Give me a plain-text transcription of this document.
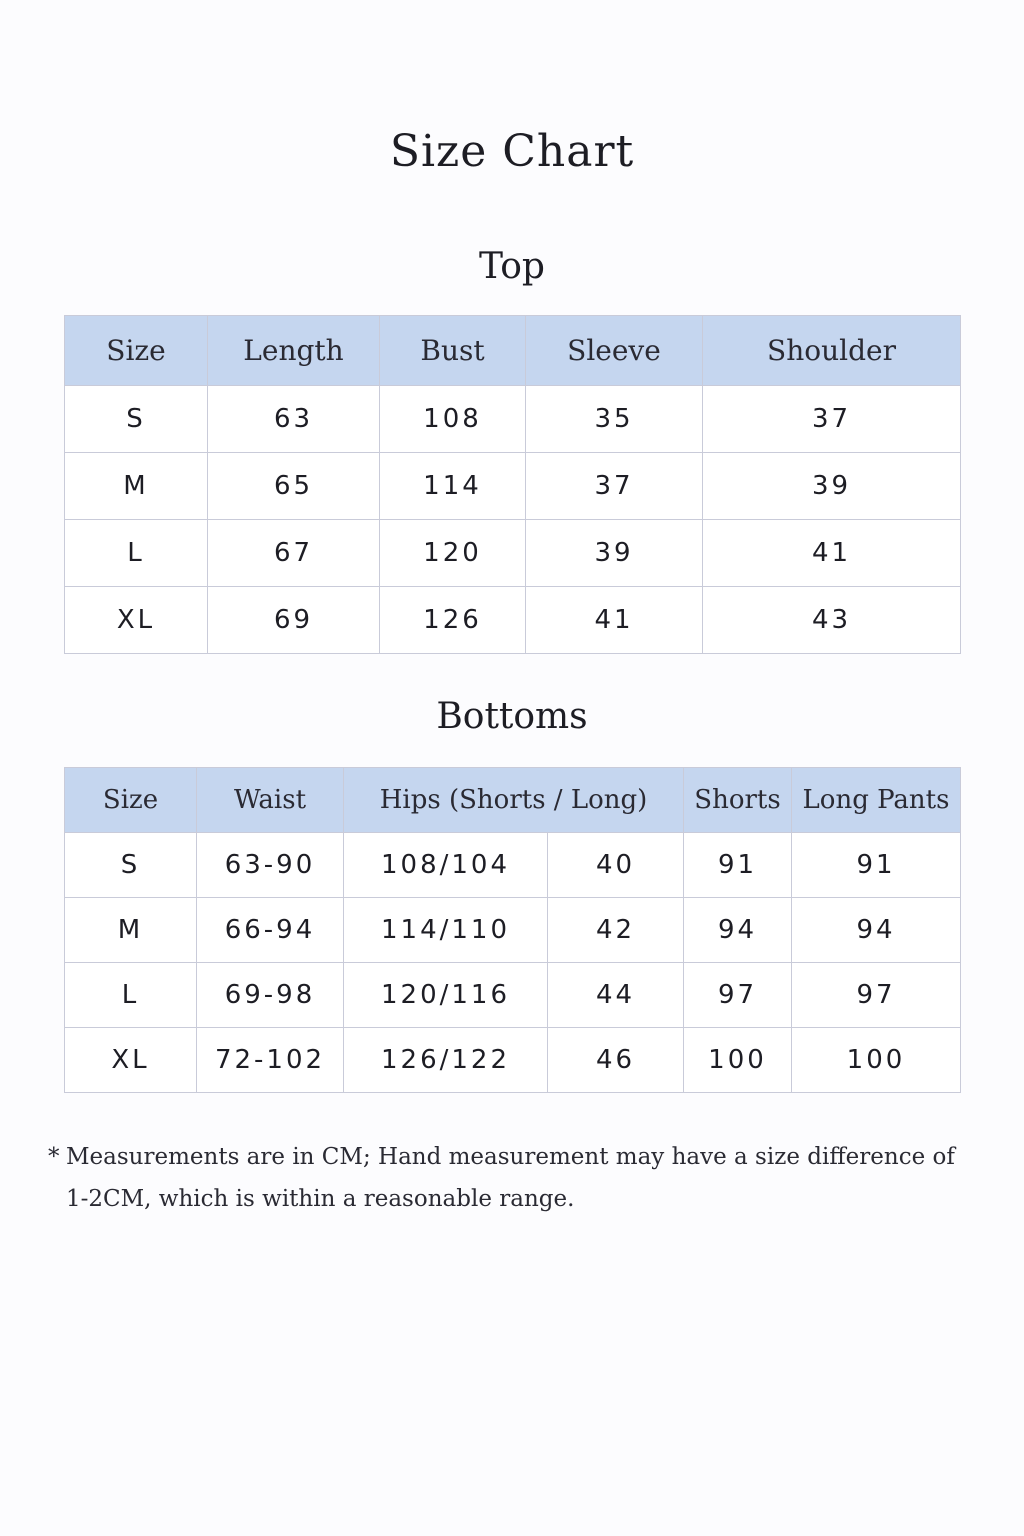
Size Chart
Top
Size	Length	Bust	Sleeve	Shoulder
S	63	108	35	37
M	65	114	37	39
L	67	120	39	41
XL	69	126	41	43
Bottoms
Size	Waist	Hips (Shorts / Long)		Shorts	Long Pants
S	63-90	108/104	40	91	91
M	66-94	114/110	42	94	94
L	69-98	120/116	44	97	97
XL	72-102	126/122	46	100	100
* Measurements are in CM; Hand measurement may have a size difference of
1-2CM, which is within a reasonable range.
